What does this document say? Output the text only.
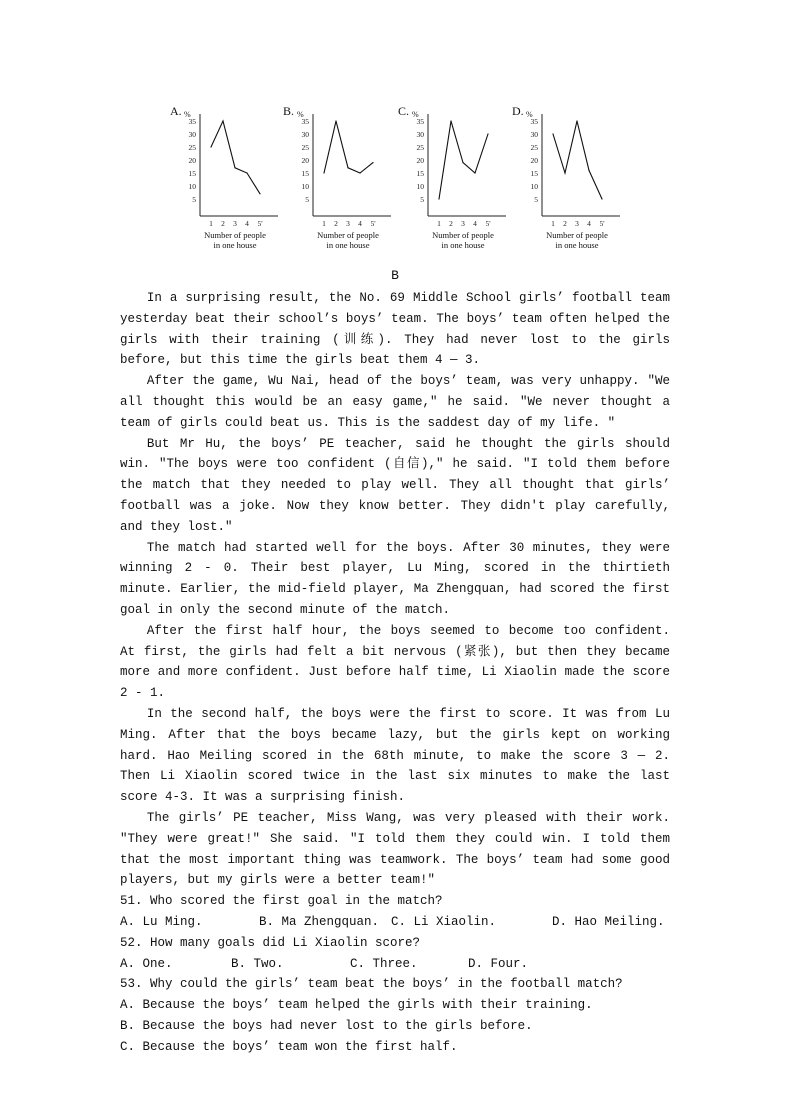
A. %
35
30
25
20
15
10
5
1 2 3 4 5'
Number of people
in one house
B. %
35
30
25
20
15
10
5
1 2 3 4 5'
Number of people
in one house
C. %
35
30
25
20
15
10
5
1 2 3 4 5'
Number of people
in one house
D. %
35
30
25
20
15
10
5
1 2 3 4 5'
Number of people
in one house
B

In a surprising result, the No. 69 Middle School girls’ football team yesterday beat their school’s boys’ team. The boys’ team often helped the girls with their training (训练). They had never lost to the girls before, but this time the girls beat them 4 — 3.

After the game, Wu Nai, head of the boys’ team, was very unhappy. ″We all thought this would be an easy game,″ he said. ″We never thought a team of girls could beat us. This is the saddest day of my life. ″

But Mr Hu, the boys’ PE teacher, said he thought the girls should win. ″The boys were too confident (自信),″ he said. ″I told them before the match that they needed to play well. They all thought that girls’ football was a joke. Now they know better. They didn′t play carefully, and they lost.″

The match had started well for the boys. After 30 minutes, they were winning 2 - 0. Their best player, Lu Ming, scored in the thirtieth minute. Earlier, the mid-field player, Ma Zhengquan, had scored the first goal in only the second minute of the match.

After the first half hour, the boys seemed to become too confident. At first, the girls had felt a bit nervous (紧张), but then they became more and more confident. Just before half time, Li Xiaolin made the score 2 - 1.

In the second half, the boys were the first to score. It was from Lu Ming. After that the boys became lazy, but the girls kept on working hard. Hao Meiling scored in the 68th minute, to make the score 3 — 2. Then Li Xiaolin scored twice in the last six minutes to make the last score 4-3. It was a surprising finish.

The girls’ PE teacher, Miss Wang, was very pleased with their work. ″They were great!″ She said. ″I told them they could win. I told them that the most important thing was teamwork. The boys’ team had some good players, but my girls were a better team!″

51. Who scored the first goal in the match?

A. Lu Ming.	B. Ma Zhengquan. C. Li Xiaolin.	D. Hao Meiling.

52. How many goals did Li Xiaolin score?

A. One.	B. Two.	C. Three.	D. Four.

53. Why could the girls’ team beat the boys’ in the football match?

A. Because the boys’ team helped the girls with their training.

B. Because the boys had never lost to the girls before.

C. Because the boys’ team won the first half.
